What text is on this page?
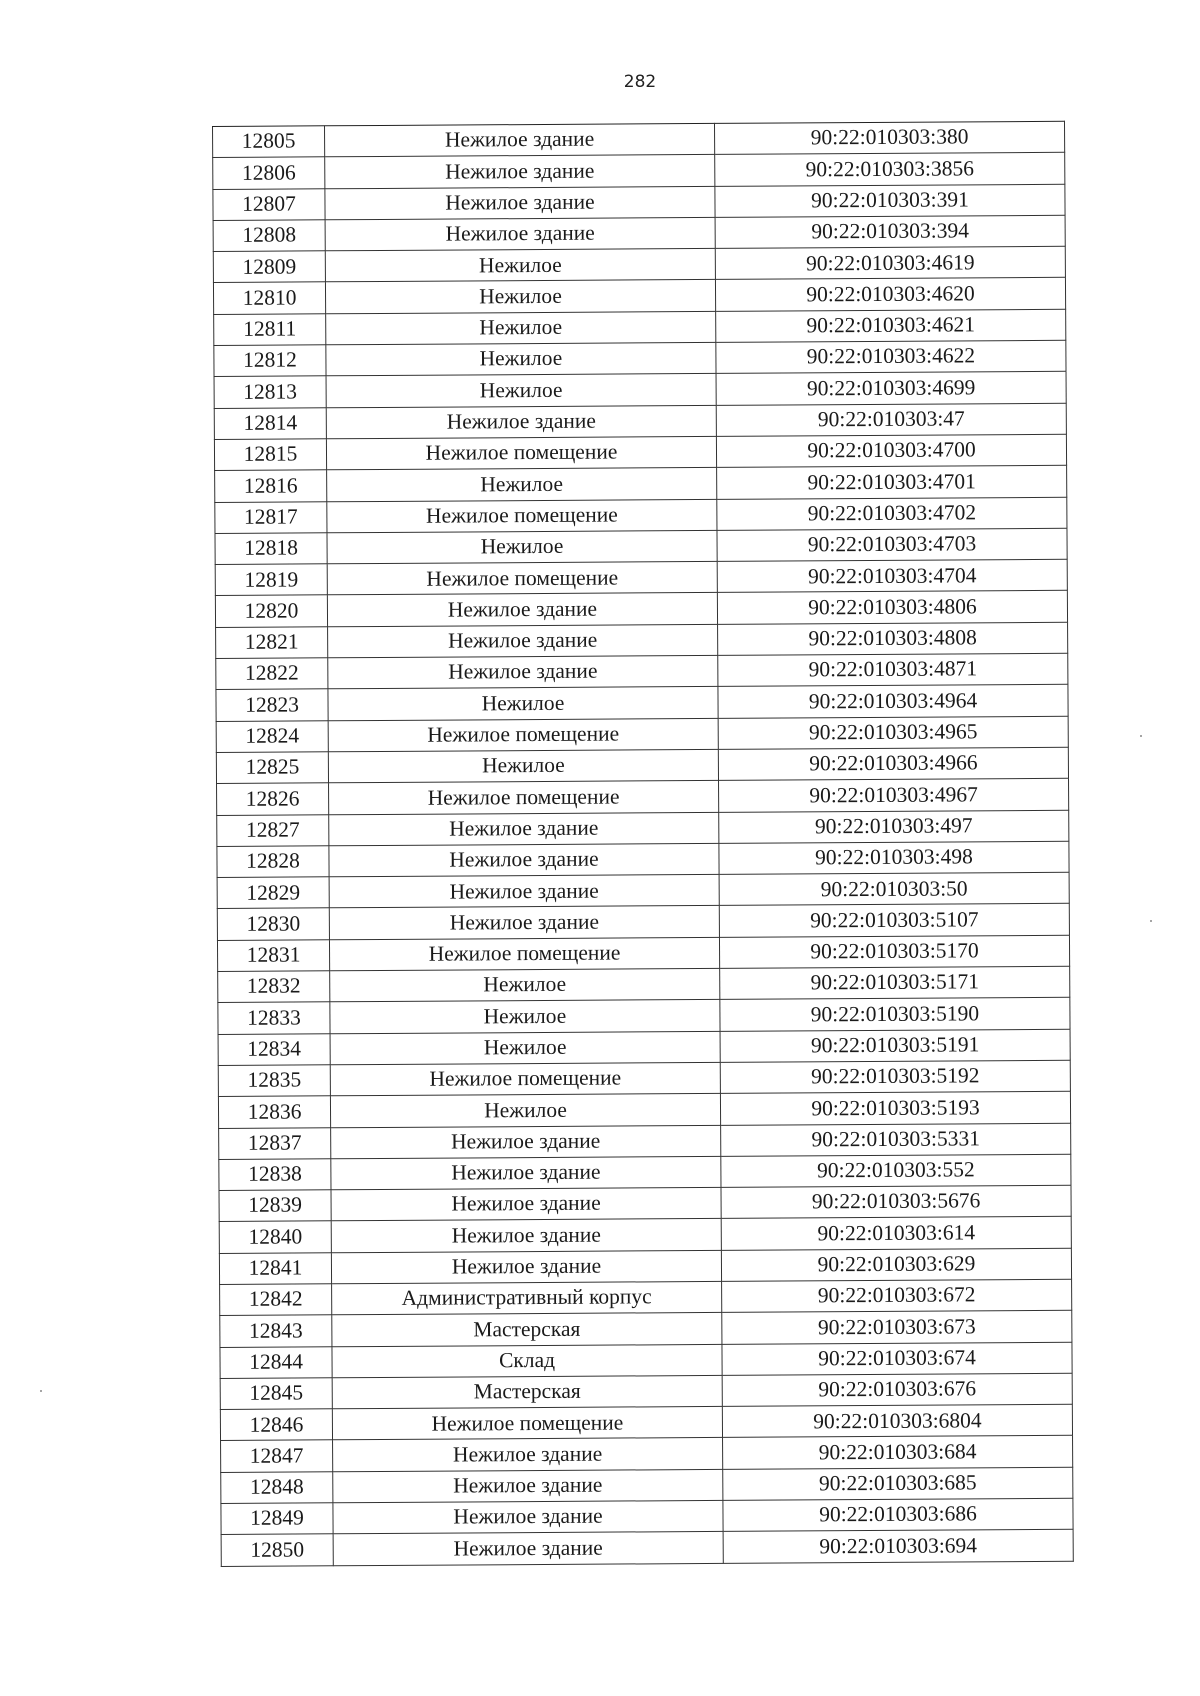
282
12805	Нежилое здание	90:22:010303:380
12806	Нежилое здание	90:22:010303:3856
12807	Нежилое здание	90:22:010303:391
12808	Нежилое здание	90:22:010303:394
12809	Нежилое	90:22:010303:4619
12810	Нежилое	90:22:010303:4620
12811	Нежилое	90:22:010303:4621
12812	Нежилое	90:22:010303:4622
12813	Нежилое	90:22:010303:4699
12814	Нежилое здание	90:22:010303:47
12815	Нежилое помещение	90:22:010303:4700
12816	Нежилое	90:22:010303:4701
12817	Нежилое помещение	90:22:010303:4702
12818	Нежилое	90:22:010303:4703
12819	Нежилое помещение	90:22:010303:4704
12820	Нежилое здание	90:22:010303:4806
12821	Нежилое здание	90:22:010303:4808
12822	Нежилое здание	90:22:010303:4871
12823	Нежилое	90:22:010303:4964
12824	Нежилое помещение	90:22:010303:4965
12825	Нежилое	90:22:010303:4966
12826	Нежилое помещение	90:22:010303:4967
12827	Нежилое здание	90:22:010303:497
12828	Нежилое здание	90:22:010303:498
12829	Нежилое здание	90:22:010303:50
12830	Нежилое здание	90:22:010303:5107
12831	Нежилое помещение	90:22:010303:5170
12832	Нежилое	90:22:010303:5171
12833	Нежилое	90:22:010303:5190
12834	Нежилое	90:22:010303:5191
12835	Нежилое помещение	90:22:010303:5192
12836	Нежилое	90:22:010303:5193
12837	Нежилое здание	90:22:010303:5331
12838	Нежилое здание	90:22:010303:552
12839	Нежилое здание	90:22:010303:5676
12840	Нежилое здание	90:22:010303:614
12841	Нежилое здание	90:22:010303:629
12842	Административный корпус	90:22:010303:672
12843	Мастерская	90:22:010303:673
12844	Склад	90:22:010303:674
12845	Мастерская	90:22:010303:676
12846	Нежилое помещение	90:22:010303:6804
12847	Нежилое здание	90:22:010303:684
12848	Нежилое здание	90:22:010303:685
12849	Нежилое здание	90:22:010303:686
12850	Нежилое здание	90:22:010303:694
